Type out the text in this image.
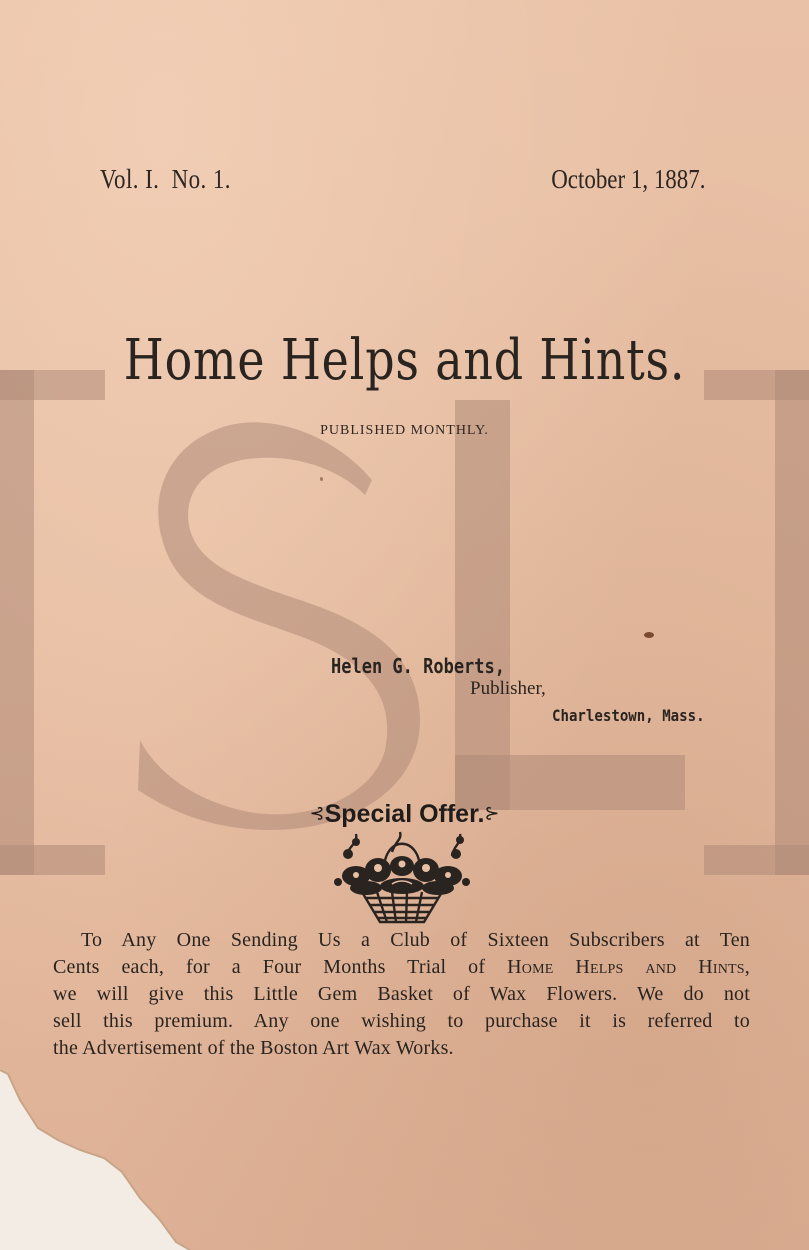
Vol. I. No. 1.	October 1, 1887.
Home Helps and Hints.
PUBLISHED MONTHLY.
Helen G. Roberts,
Publisher,
Charlestown, Mass.
⊰Special Offer.⊱
To Any One Sending Us a Club of Sixteen Subscribers at Ten
Cents each, for a Four Months Trial of Home Helps and Hints,
we will give this Little Gem Basket of Wax Flowers. We do not
sell this premium. Any one wishing to purchase it is referred to
the Advertisement of the Boston Art Wax Works.
